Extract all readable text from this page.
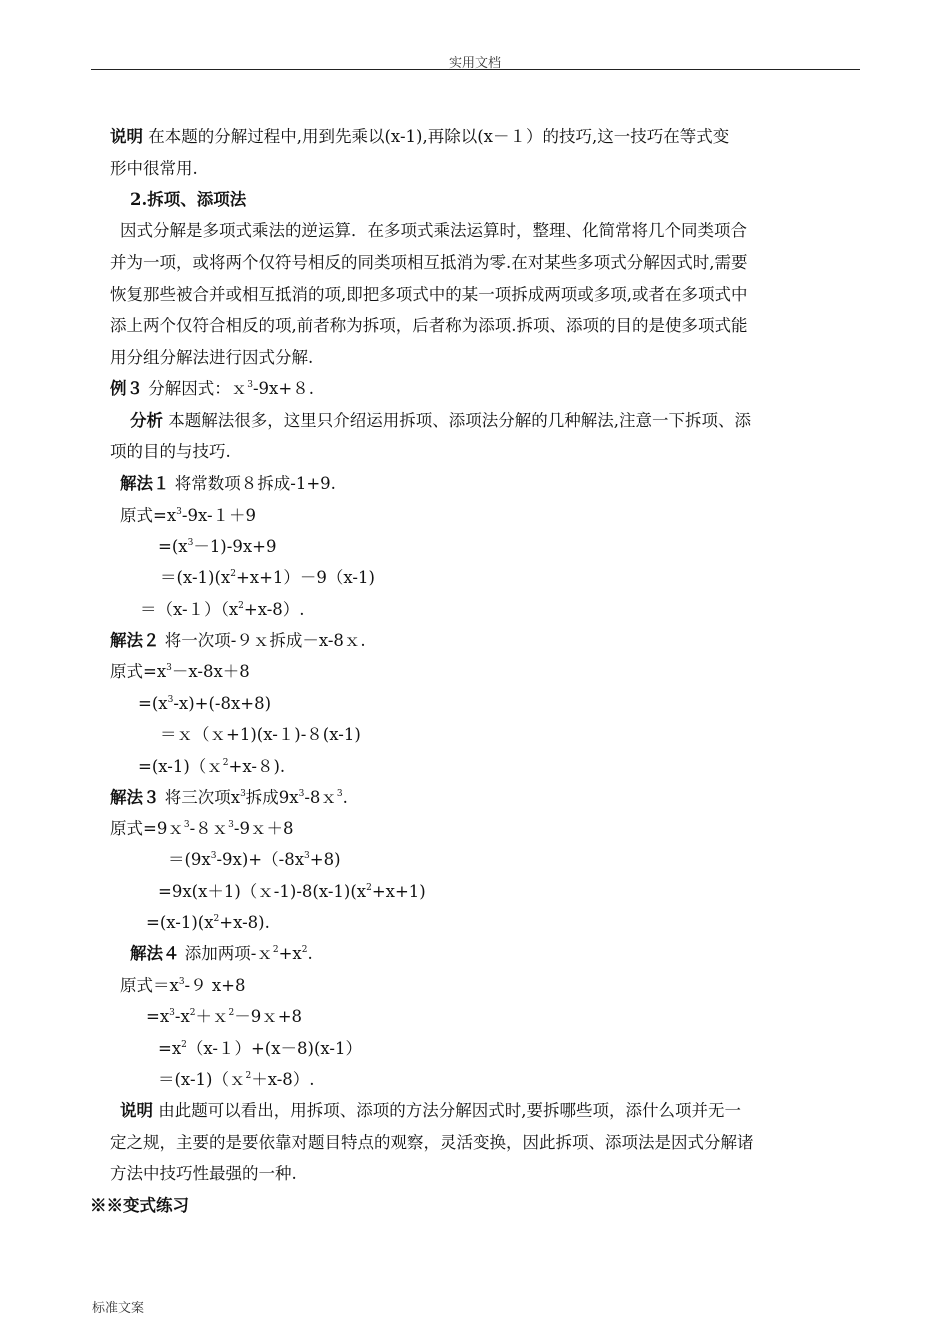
实用文档
说明 在本题的分解过程中,用到先乘以(x-1),再除以(x－１）的技巧,这一技巧在等式变
形中很常用.
2.拆项、添项法
因式分解是多项式乘法的逆运算．在多项式乘法运算时，整理、化简常将几个同类项合
并为一项，或将两个仅符号相反的同类项相互抵消为零.在对某些多项式分解因式时,需要
恢复那些被合并或相互抵消的项,即把多项式中的某一项拆成两项或多项,或者在多项式中
添上两个仅符合相反的项,前者称为拆项，后者称为添项.拆项、添项的目的是使多项式能
用分组分解法进行因式分解.
例３ 分解因式：ｘ$^3$-9x+８.
分析 本题解法很多，这里只介绍运用拆项、添项法分解的几种解法,注意一下拆项、添
项的目的与技巧.
解法１ 将常数项８拆成-1+9.
原式$=x^3-9x-1+9$
$=(x^3-1)-9x+9$
$=(x-1)(x^2+x+1)-9(x-1)$
$=(x-1)(x^2+x-8)$.
解法２ 将一次项-９ｘ拆成－x-8ｘ.
原式$=x^3-x-8x+8$
$=(x^3-x)+(-8x+8)$
＝ｘ（ｘ+1)(x-１)-８(x-1)
=(x-1)（ｘ$^2$+x-８).
解法３ 将三次项$x^3$拆成$9x^3-8x^3$.
原式=9ｘ$^3$-８ｘ$^3$-9ｘ＋8
$=(9x^3-9x)+(-8x^3+8)$
$=9x(x+1)(x-1)-8(x-1)(x^2+x+1)$
$=(x-1)(x^2+x-8)$.
解法４ 添加两项$-x^2+x^2$.
原式$=x^3-9$ x+8
$=x^3-x^2+x^2-9x+8$
$=x^2(x-1)+(x-8)(x-1)$
＝(x-1)（ｘ$^2$＋x-8）.
说明 由此题可以看出，用拆项、添项的方法分解因式时,要拆哪些项，添什么项并无一
定之规，主要的是要依靠对题目特点的观察，灵活变换，因此拆项、添项法是因式分解诸
方法中技巧性最强的一种.
※※变式练习
标准文案
